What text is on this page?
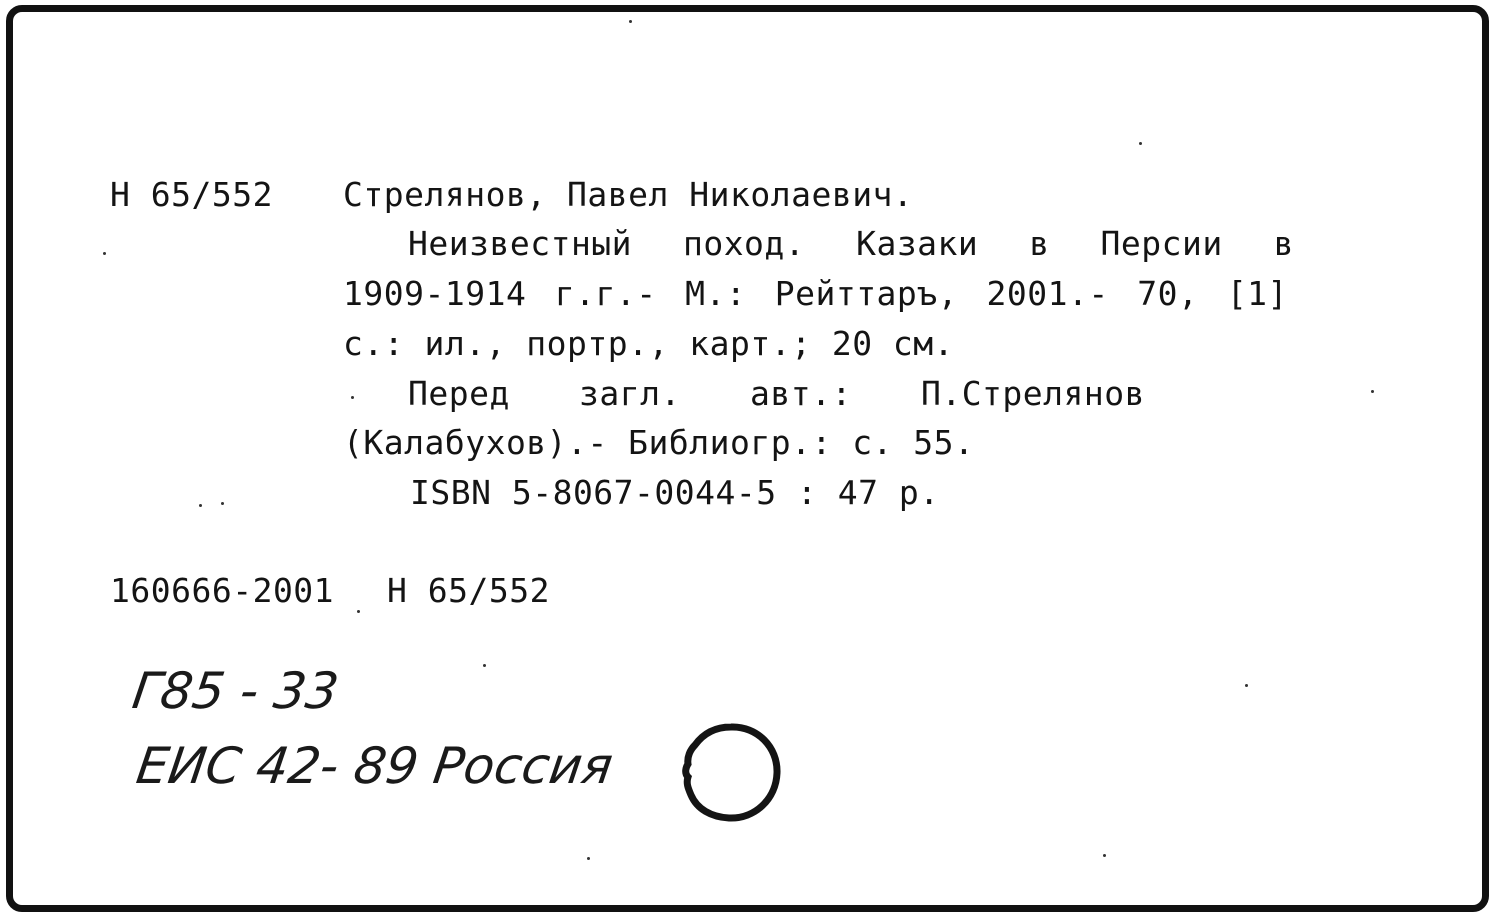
Н 65/552 Стрелянов, Павел Николаевич.
Неизвестный поход. Казаки в Персии в
1909-1914 г.г.- М.: Рейттаръ, 2001.- 70, [1]
с.: ил., портр., карт.; 20 см.
Перед загл. авт.: П.Стрелянов
(Калабухов).- Библиогр.: с. 55.
ISBN 5-8067-0044-5 : 47 р.
160666-2001 Н 65/552
Г85 - 33
ЕИС 42- 89 Россия
